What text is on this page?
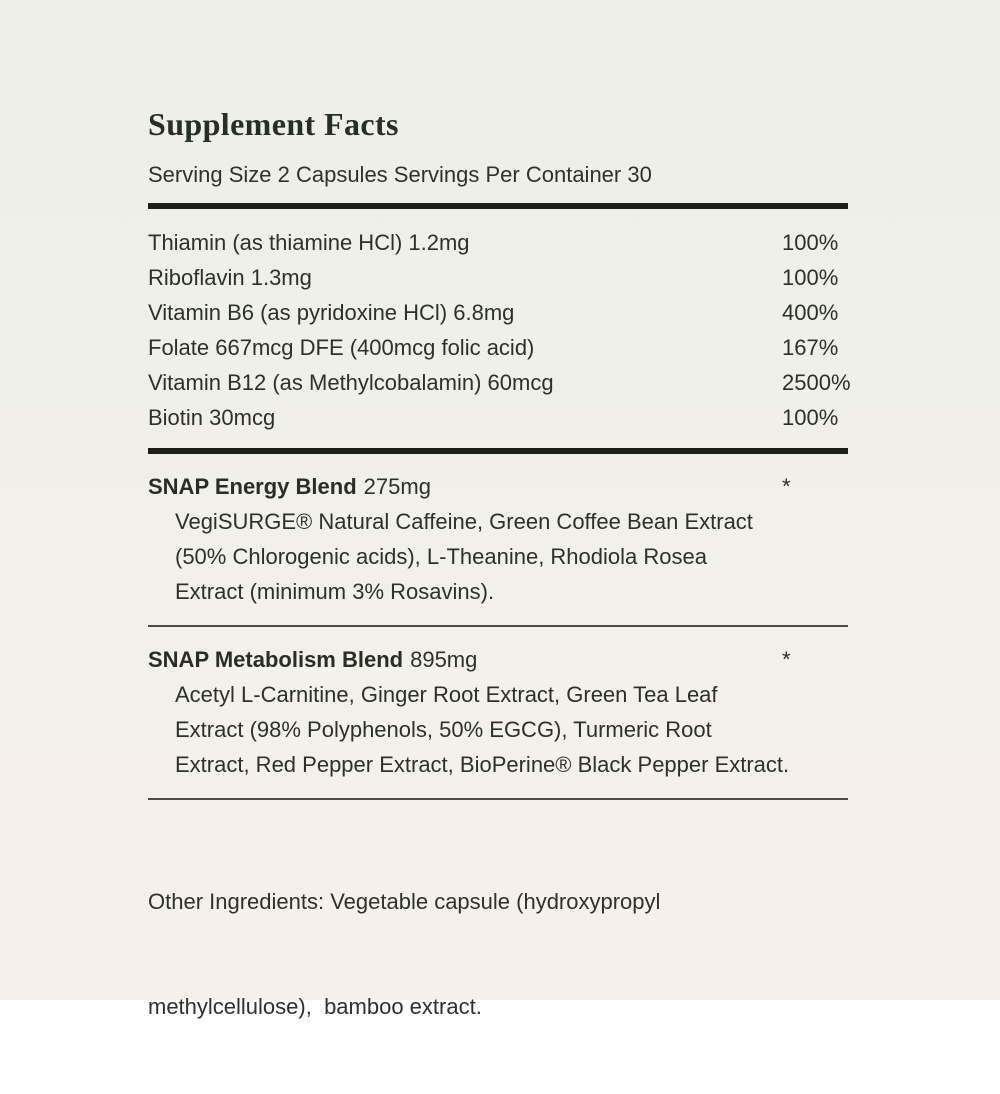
Supplement Facts
Serving Size 2 Capsules Servings Per Container 30
Thiamin (as thiamine HCl) 1.2mg	100%
Riboflavin 1.3mg	100%
Vitamin B6 (as pyridoxine HCl) 6.8mg	400%
Folate 667mcg DFE (400mcg folic acid)	167%
Vitamin B12 (as Methylcobalamin) 60mcg	2500%
Biotin 30mcg	100%
SNAP Energy Blend 275mg	*
VegiSURGE® Natural Caffeine, Green Coffee Bean Extract
(50% Chlorogenic acids), L-Theanine, Rhodiola Rosea
Extract (minimum 3% Rosavins).
SNAP Metabolism Blend 895mg	*
Acetyl L-Carnitine, Ginger Root Extract, Green Tea Leaf
Extract (98% Polyphenols, 50% EGCG), Turmeric Root
Extract, Red Pepper Extract, BioPerine® Black Pepper Extract.

Other Ingredients: Vegetable capsule (hydroxypropyl

methylcellulose),  bamboo extract.
